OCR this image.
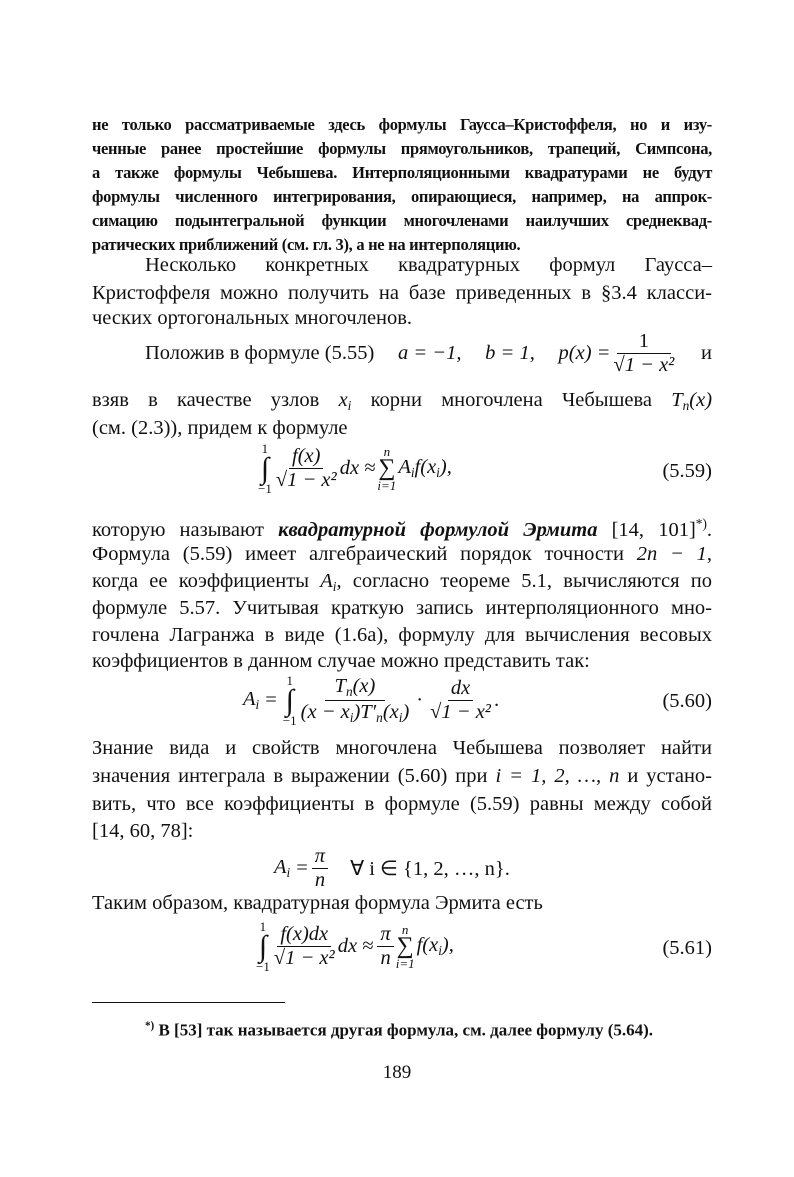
не только рассматриваемые здесь формулы Гаусса–Кристоффеля, но и изу-
ченные ранее простейшие формулы прямоугольников, трапеций, Симпсона,
а также формулы Чебышева. Интерполяционными квадратурами не будут
формулы численного интегрирования, опирающиеся, например, на аппрок-
симацию подынтегральной функции многочленами наилучших среднеквад-
ратических приближений (см. гл. 3), а не на интерполяцию.
Несколько конкретных квадратурных формул Гаусса–
Кристоффеля можно получить на базе приведенных в §3.4 класси-
ческих ортогональных многочленов.
Положив в формуле (5.55) a = −1, b = 1, $p(x) = \frac{1}{\text{√1 − x²}}$ и
взяв в качестве узлов $x_i$ корни многочлена Чебышева $T_n(x)$
(см. (2.3)), придем к формуле
1
∫
$-1 \frac{f(x)}{\text{√1 − x²}}$ dx ≈
n
∑
i=1
$A_if(x_i)$,	(5.59)
которую называют квадратурной формулой Эрмита [14, 101]*).
Формула (5.59) имеет алгебраический порядок точности 2n − 1,
когда ее коэффициенты $A_i$, согласно теореме 5.1, вычисляются по
формуле 5.57. Учитывая краткую запись интерполяционного мно-
гочлена Лагранжа в виде (1.6а), формулу для вычисления весовых
коэффициентов в данном случае можно представить так:
$A_i$ =
1
∫
$-1 \frac{T_n(x)}{(x - x_i)T'_n(x_i)} \cdot \frac{dx}{\text{√1 − x²}}$ .	(5.60)
Знание вида и свойств многочлена Чебышева позволяет найти
значения интеграла в выражении (5.60) при i = 1, 2, …, n и устано-
вить, что все коэффициенты в формуле (5.59) равны между собой
[14, 60, 78]:
$A_i = \frac{\pi}{n}$ ∀ i ∈ {1, 2, …, n}.
Таким образом, квадратурная формула Эрмита есть
1
∫
$-1 \frac{f(x)dx}{\text{√1 − x²}}$ dx ≈ $\frac{\pi}{n}$ n
∑
i=1
$f(x_i)$,	(5.61)
*) В [53] так называется другая формула, см. далее формулу (5.64).
189
